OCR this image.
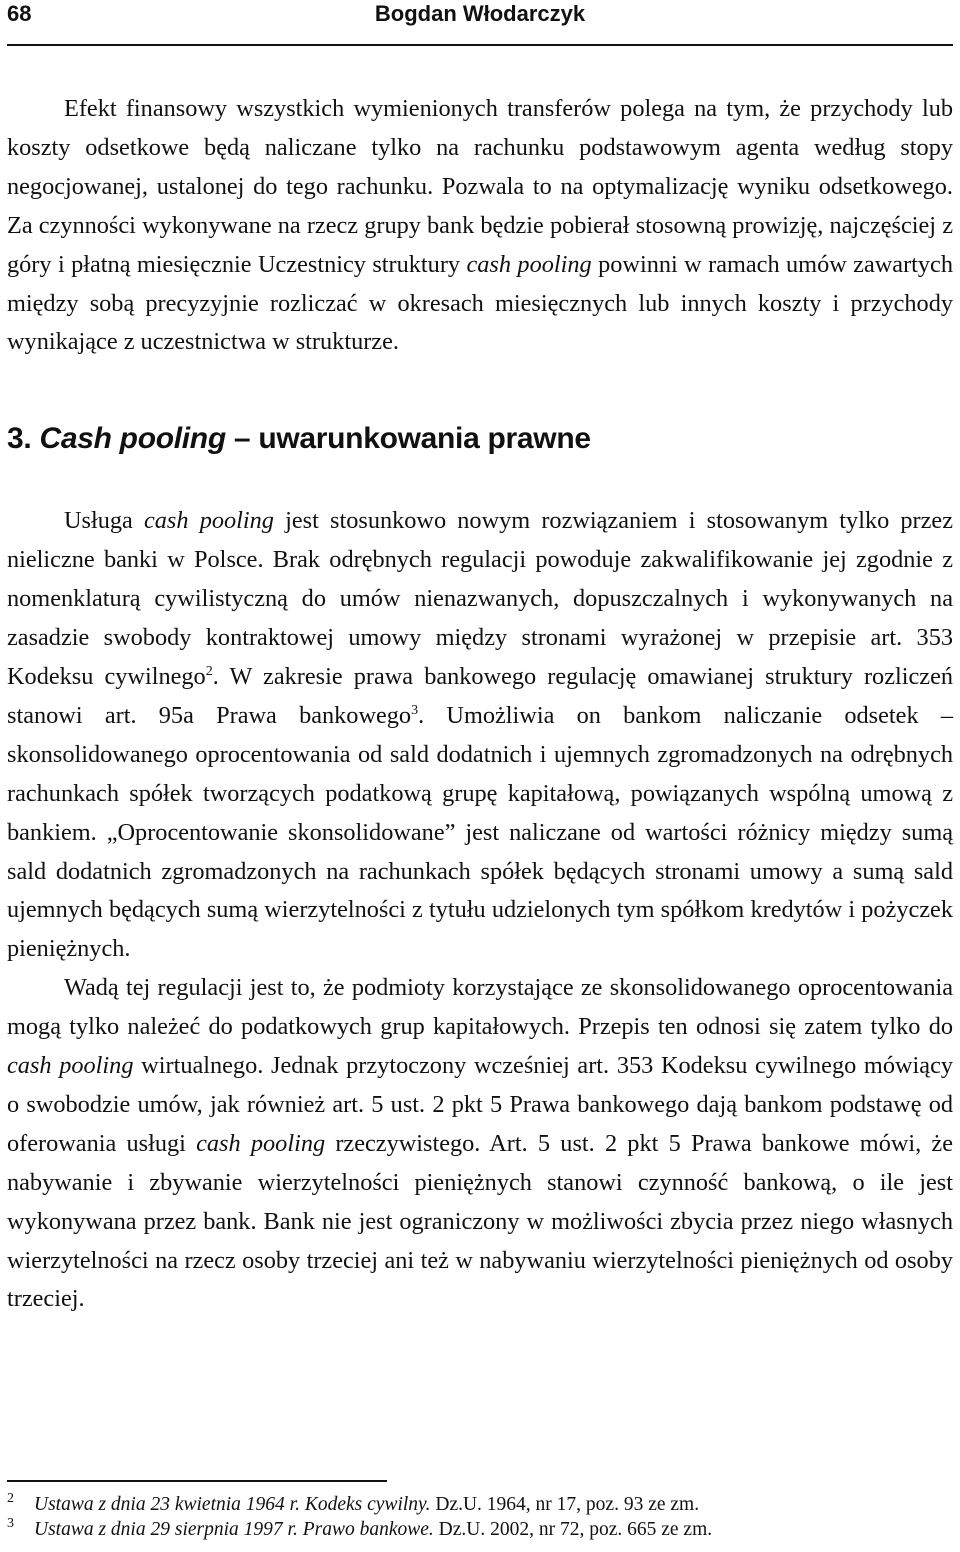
68	Bogdan Włodarczyk

Efekt finansowy wszystkich wymienionych transferów polega na tym, że przychody lub koszty odsetkowe będą naliczane tylko na rachunku podstawowym agenta według stopy negocjowanej, ustalonej do tego rachunku. Pozwala to na optymalizację wyniku odsetkowego. Za czynności wykonywane na rzecz grupy bank będzie pobierał stosowną prowizję, najczęściej z góry i płatną miesięcznie Uczestnicy struktury cash pooling powinni w ramach umów zawartych między sobą precyzyjnie rozliczać w okresach miesięcznych lub innych koszty i przychody wynikające z uczestnictwa w strukturze.

3. Cash pooling – uwarunkowania prawne

Usługa cash pooling jest stosunkowo nowym rozwiązaniem i stosowanym tylko przez nieliczne banki w Polsce. Brak odrębnych regulacji powoduje zakwalifikowanie jej zgodnie z nomenklaturą cywilistyczną do umów nienazwanych, dopuszczalnych i wykonywanych na zasadzie swobody kontraktowej umowy między stronami wyrażonej w przepisie art. 353 Kodeksu cywilnego$^2$. W zakresie prawa bankowego regulację omawianej struktury rozliczeń stanowi art. 95a Prawa bankowego$^3$. Umożliwia on bankom naliczanie odsetek – skonsolidowanego oprocentowania od sald dodatnich i ujemnych zgromadzonych na odrębnych rachunkach spółek tworzących podatkową grupę kapitałową, powiązanych wspólną umową z bankiem. „Oprocentowanie skonsolidowane” jest naliczane od wartości różnicy między sumą sald dodatnich zgromadzonych na rachunkach spółek będących stronami umowy a sumą sald ujemnych będących sumą wierzytelności z tytułu udzielonych tym spółkom kredytów i pożyczek pieniężnych.

Wadą tej regulacji jest to, że podmioty korzystające ze skonsolidowanego oprocentowania mogą tylko należeć do podatkowych grup kapitałowych. Przepis ten odnosi się zatem tylko do cash pooling wirtualnego. Jednak przytoczony wcześniej art. 353 Kodeksu cywilnego mówiący o swobodzie umów, jak również art. 5 ust. 2 pkt 5 Prawa bankowego dają bankom podstawę od oferowania usługi cash pooling rzeczywistego. Art. 5 ust. 2 pkt 5 Prawa bankowe mówi, że nabywanie i zbywanie wierzytelności pieniężnych stanowi czynność bankową, o ile jest wykonywana przez bank. Bank nie jest ograniczony w możliwości zbycia przez niego własnych wierzytelności na rzecz osoby trzeciej ani też w nabywaniu wierzytelności pieniężnych od osoby trzeciej.

2 Ustawa z dnia 23 kwietnia 1964 r. Kodeks cywilny. Dz.U. 1964, nr 17, poz. 93 ze zm.
3 Ustawa z dnia 29 sierpnia 1997 r. Prawo bankowe. Dz.U. 2002, nr 72, poz. 665 ze zm.
